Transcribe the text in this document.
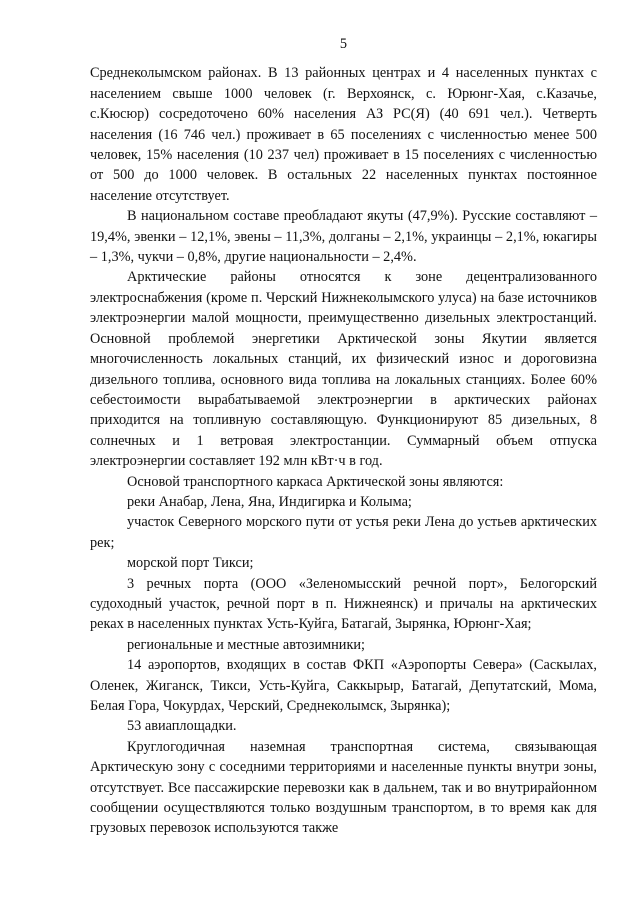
5

Среднеколымском районах. В 13 районных центрах и 4 населенных пунктах с населением свыше 1000 человек (г. Верхоянск, с. Юрюнг-Хая, с.Казачье, с.Кюсюр) сосредоточено 60% населения АЗ РС(Я) (40 691 чел.). Четверть населения (16 746 чел.) проживает в 65 поселениях с численностью менее 500 человек, 15% населения (10 237 чел) проживает в 15 поселениях с численностью от 500 до 1000 человек. В остальных 22 населенных пунктах постоянное население отсутствует.

В национальном составе преобладают якуты (47,9%). Русские составляют – 19,4%, эвенки – 12,1%, эвены – 11,3%, долганы – 2,1%, украинцы – 2,1%, юкагиры – 1,3%, чукчи – 0,8%, другие национальности – 2,4%.

Арктические районы относятся к зоне децентрализованного электроснабжения (кроме п. Черский Нижнеколымского улуса) на базе источников электроэнергии малой мощности, преимущественно дизельных электростанций. Основной проблемой энергетики Арктической зоны Якутии является многочисленность локальных станций, их физический износ и дороговизна дизельного топлива, основного вида топлива на локальных станциях. Более 60% себестоимости вырабатываемой электроэнергии в арктических районах приходится на топливную составляющую. Функционируют 85 дизельных, 8 солнечных и 1 ветровая электростанции. Суммарный объем отпуска электроэнергии составляет 192 млн кВт·ч в год.

Основой транспортного каркаса Арктической зоны являются:

реки Анабар, Лена, Яна, Индигирка и Колыма;

участок Северного морского пути от устья реки Лена до устьев арктических рек;

морской порт Тикси;

3 речных порта (ООО «Зеленомысский речной порт», Белогорский судоходный участок, речной порт в п. Нижнеянск) и причалы на арктических реках в населенных пунктах Усть-Куйга, Батагай, Зырянка, Юрюнг-Хая;

региональные и местные автозимники;

14 аэропортов, входящих в состав ФКП «Аэропорты Севера» (Саскылах, Оленек, Жиганск, Тикси, Усть-Куйга, Саккырыр, Батагай, Депутатский, Мома, Белая Гора, Чокурдах, Черский, Среднеколымск, Зырянка);

53 авиаплощадки.

Круглогодичная наземная транспортная система, связывающая Арктическую зону с соседними территориями и населенные пункты внутри зоны, отсутствует. Все пассажирские перевозки как в дальнем, так и во внутрирайонном сообщении осуществляются только воздушным транспортом, в то время как для грузовых перевозок используются также
